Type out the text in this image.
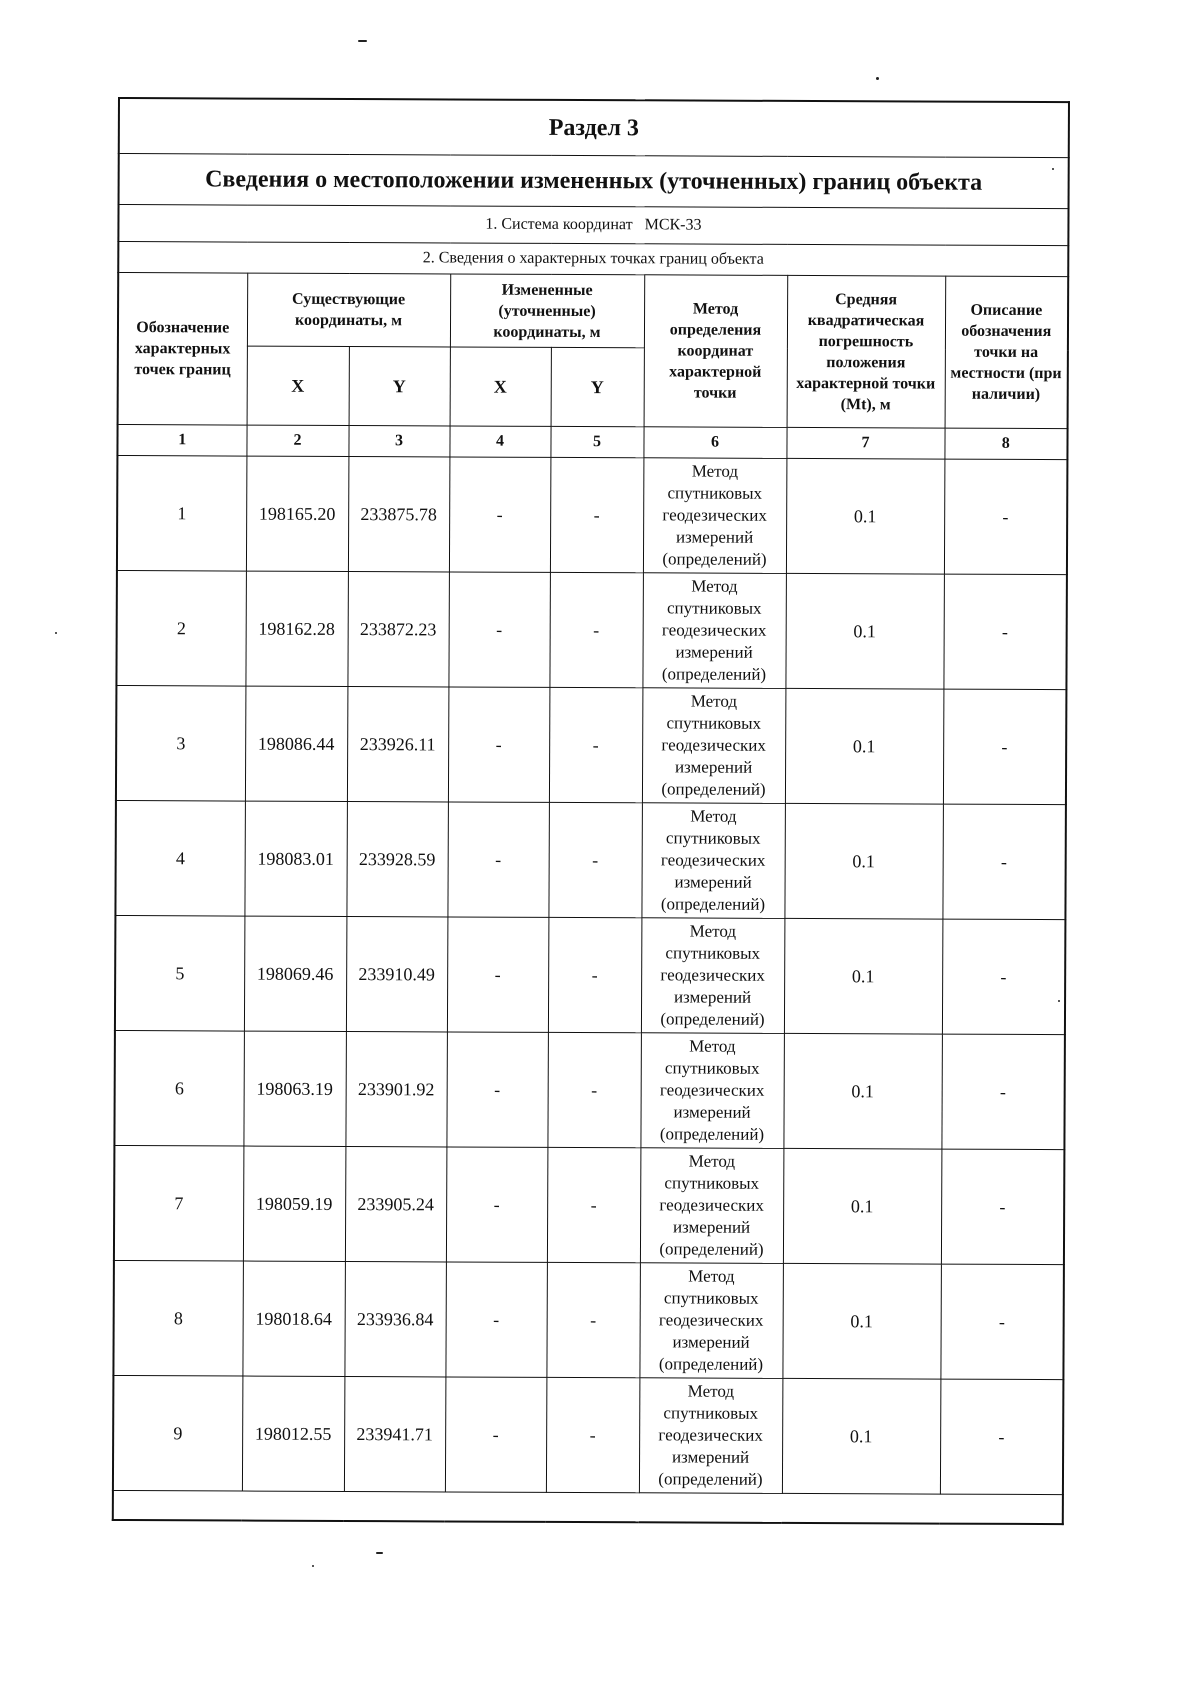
Раздел 3							
Сведения о местоположении измененных (уточненных) границ объекта							
1. Система координат МСК-33							
2. Сведения о характерных точках границ объекта							
Обозначение характерных точек границ	Существующие координаты, м		Измененные (уточненные) координаты, м		Метод определения координат характерной точки	Средняя квадратическая погрешность положения характерной точки (Mt), м	Описание обозначения точки на местности (при наличии)
	X	Y	X	Y			
1	2	3	4	5	6	7	8
1	198165.20	233875.78	-	-	Метод спутниковых геодезических измерений (определений)	0.1	-
2	198162.28	233872.23	-	-	Метод спутниковых геодезических измерений (определений)	0.1	-
3	198086.44	233926.11	-	-	Метод спутниковых геодезических измерений (определений)	0.1	-
4	198083.01	233928.59	-	-	Метод спутниковых геодезических измерений (определений)	0.1	-
5	198069.46	233910.49	-	-	Метод спутниковых геодезических измерений (определений)	0.1	-
6	198063.19	233901.92	-	-	Метод спутниковых геодезических измерений (определений)	0.1	-
7	198059.19	233905.24	-	-	Метод спутниковых геодезических измерений (определений)	0.1	-
8	198018.64	233936.84	-	-	Метод спутниковых геодезических измерений (определений)	0.1	-
9	198012.55	233941.71	-	-	Метод спутниковых геодезических измерений (определений)	0.1	-
